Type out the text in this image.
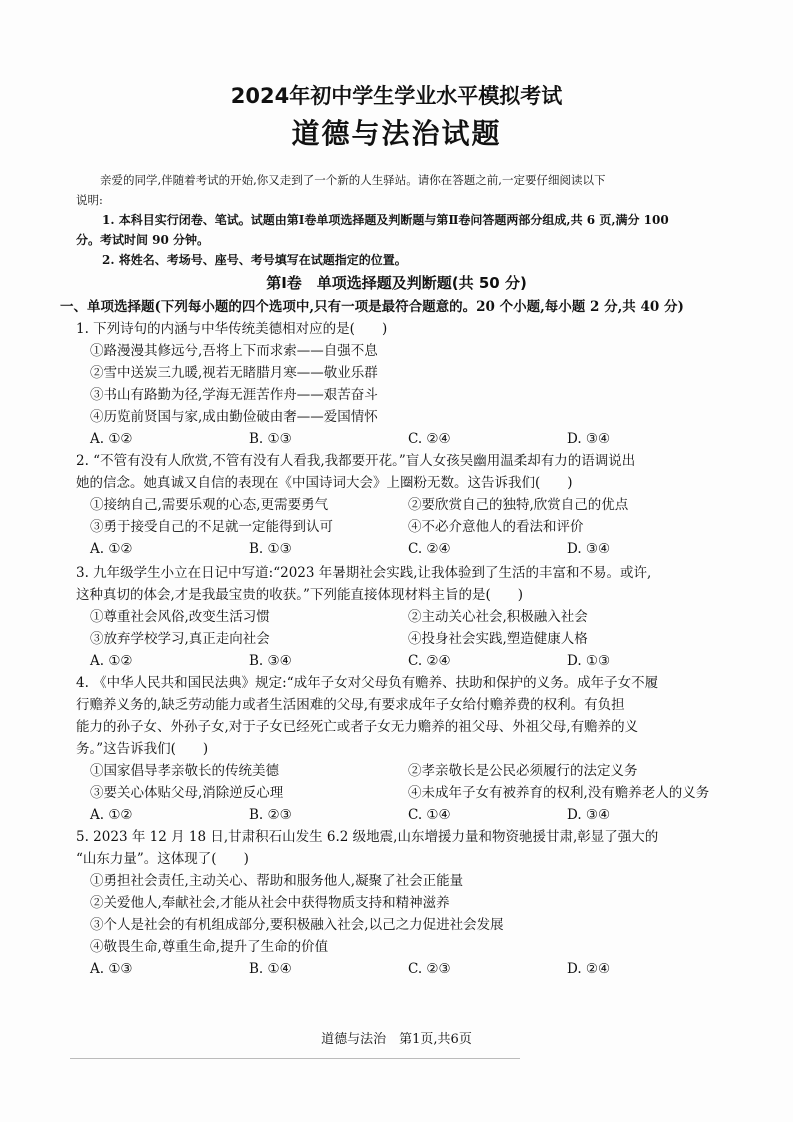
2024年初中学生学业水平模拟考试
道德与法治试题

亲爱的同学,伴随着考试的开始,你又走到了一个新的人生驿站。请你在答题之前,一定要仔细阅读以下

说明:

1. 本科目实行闭卷、笔试。试题由第Ⅰ卷单项选择题及判断题与第Ⅱ卷问答题两部分组成,共 6 页,满分 100

分。考试时间 90 分钟。

2. 将姓名、考场号、座号、考号填写在试题指定的位置。

第Ⅰ卷　单项选择题及判断题(共 50 分)
一、单项选择题(下列每小题的四个选项中,只有一项是最符合题意的。20 个小题,每小题 2 分,共 40 分)

1. 下列诗句的内涵与中华传统美德相对应的是(　　)

①路漫漫其修远兮,吾将上下而求索——自强不息

②雪中送炭三九暖,视若无睹腊月寒——敬业乐群

③书山有路勤为径,学海无涯苦作舟——艰苦奋斗

④历览前贤国与家,成由勤俭破由奢——爱国情怀

A. ①②	B. ①③	C. ②④	D. ③④

2. “不管有没有人欣赏,不管有没有人看我,我都要开花。”盲人女孩吴幽用温柔却有力的语调说出

她的信念。她真诚又自信的表现在《中国诗词大会》上圈粉无数。这告诉我们(　　)

①接纳自己,需要乐观的心态,更需要勇气	②要欣赏自己的独特,欣赏自己的优点
③勇于接受自己的不足就一定能得到认可	④不必介意他人的看法和评价
A. ①②	B. ①③	C. ②④	D. ③④

3. 九年级学生小立在日记中写道:“2023 年暑期社会实践,让我体验到了生活的丰富和不易。或许,

这种真切的体会,才是我最宝贵的收获。”下列能直接体现材料主旨的是(　　)

①尊重社会风俗,改变生活习惯	②主动关心社会,积极融入社会
③放弃学校学习,真正走向社会	④投身社会实践,塑造健康人格
A. ①②	B. ③④	C. ②④	D. ①③

4. 《中华人民共和国民法典》规定:“成年子女对父母负有赡养、扶助和保护的义务。成年子女不履

行赡养义务的,缺乏劳动能力或者生活困难的父母,有要求成年子女给付赡养费的权利。有负担

能力的孙子女、外孙子女,对于子女已经死亡或者子女无力赡养的祖父母、外祖父母,有赡养的义

务。”这告诉我们(　　)

①国家倡导孝亲敬长的传统美德	②孝亲敬长是公民必须履行的法定义务
③要关心体贴父母,消除逆反心理	④未成年子女有被养育的权利,没有赡养老人的义务
A. ①②	B. ②③	C. ①④	D. ③④

5. 2023 年 12 月 18 日,甘肃积石山发生 6.2 级地震,山东增援力量和物资驰援甘肃,彰显了强大的

“山东力量”。这体现了(　　)

①勇担社会责任,主动关心、帮助和服务他人,凝聚了社会正能量

②关爱他人,奉献社会,才能从社会中获得物质支持和精神滋养

③个人是社会的有机组成部分,要积极融入社会,以己之力促进社会发展

④敬畏生命,尊重生命,提升了生命的价值

A. ①③	B. ①④	C. ②③	D. ②④
道德与法治　第1页,共6页
